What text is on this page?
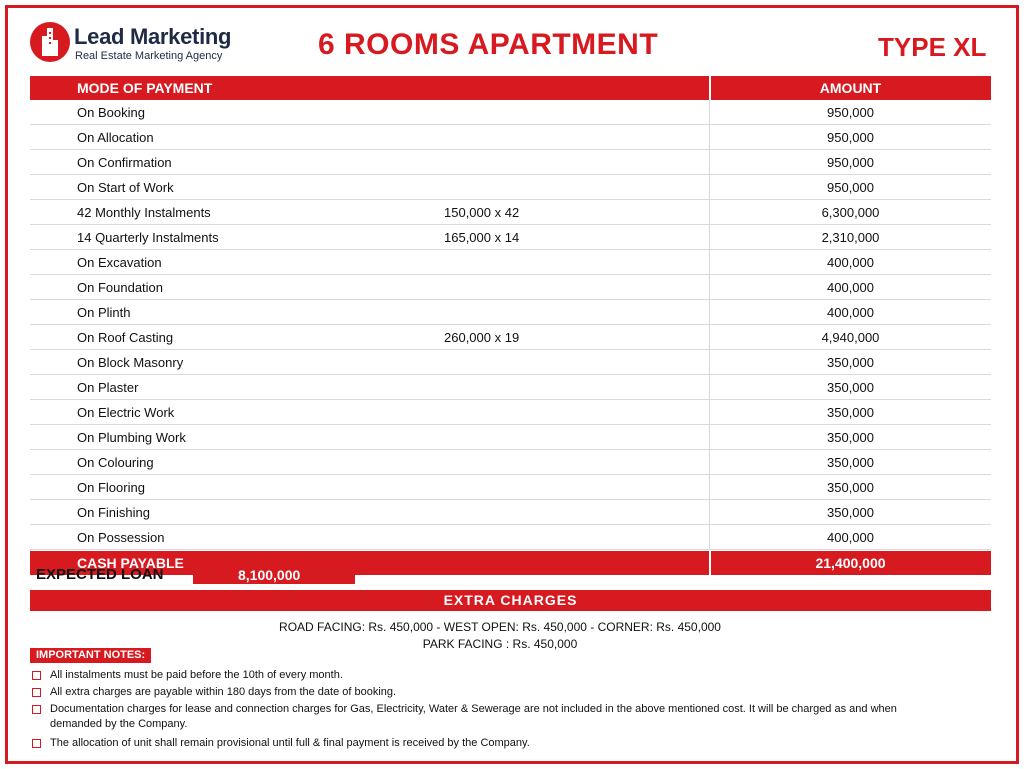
Lead Marketing
Real Estate Marketing Agency	6 ROOMS APARTMENT	TYPE XL
MODE OF PAYMENT	AMOUNT
On Booking	950,000
On Allocation	950,000
On Confirmation	950,000
On Start of Work	950,000
42 Monthly Instalments	150,000 x 42	6,300,000
14 Quarterly Instalments	165,000 x 14	2,310,000
On Excavation	400,000
On Foundation	400,000
On Plinth	400,000
On Roof Casting	260,000 x 19	4,940,000
On Block Masonry	350,000
On Plaster	350,000
On Electric Work	350,000
On Plumbing Work	350,000
On Colouring	350,000
On Flooring	350,000
On Finishing	350,000
On Possession	400,000
CASH PAYABLE	21,400,000
EXPECTED LOAN	8,100,000
EXTRA CHARGES
ROAD FACING: Rs. 450,000 - WEST OPEN: Rs. 450,000 - CORNER: Rs. 450,000
PARK FACING : Rs. 450,000
IMPORTANT NOTES:
All instalments must be paid before the 10th of every month.
All extra charges are payable within 180 days from the date of booking.
Documentation charges for lease and connection charges for Gas, Electricity, Water & Sewerage are not included in the above mentioned cost. It will be charged as and when demanded by the Company.
The allocation of unit shall remain provisional until full & final payment is received by the Company.
